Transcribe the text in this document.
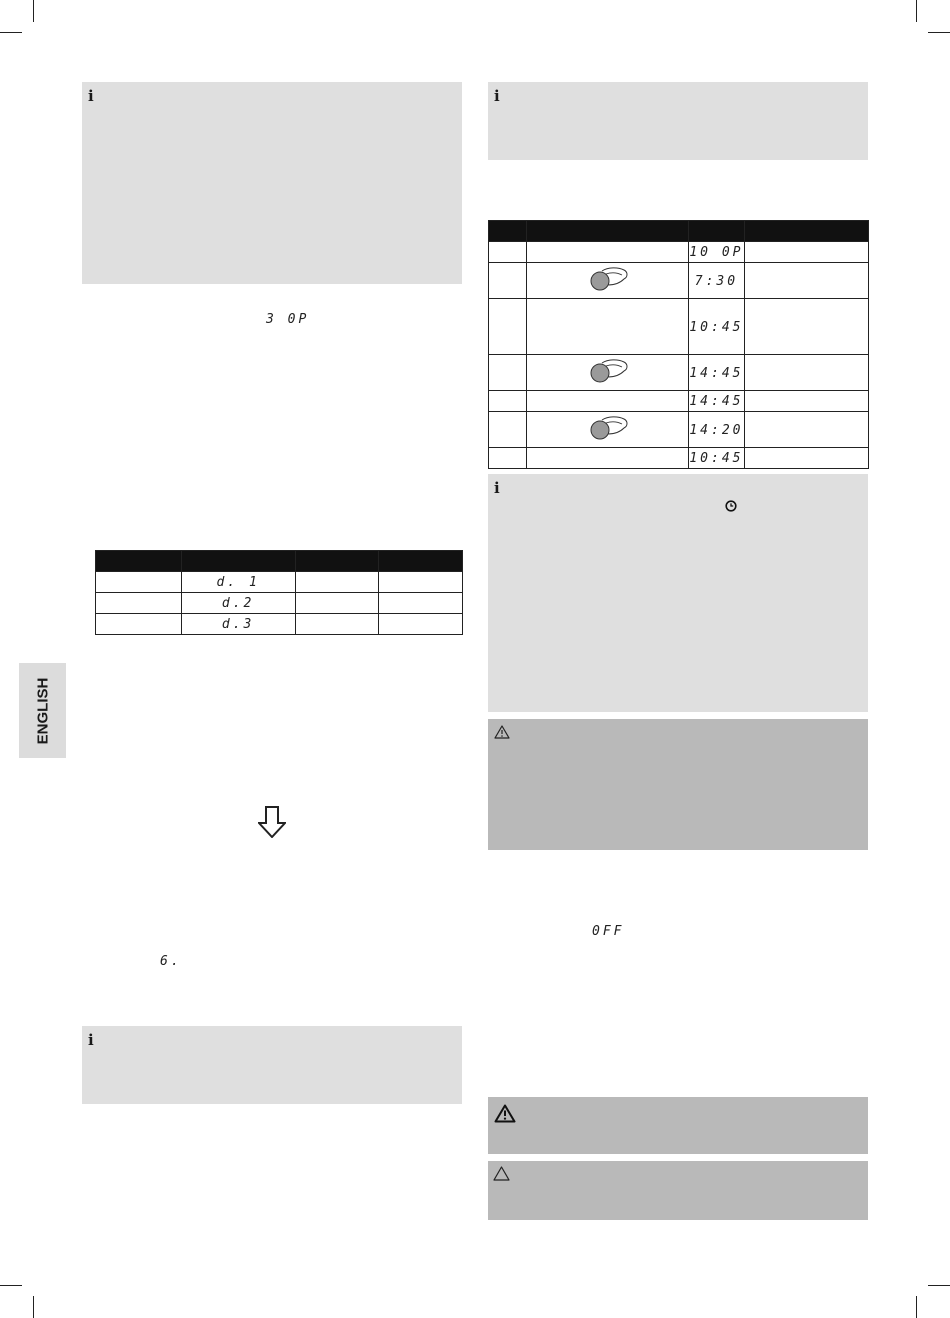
i
3 0P

	d. 1		
	d.2		
	d.3		
ENGLISH
6.
i
i

		10 0P	
		7:30	
		10:45	
		14:45	
		14:45	
		14:20	
		10:45	
i
0FF
